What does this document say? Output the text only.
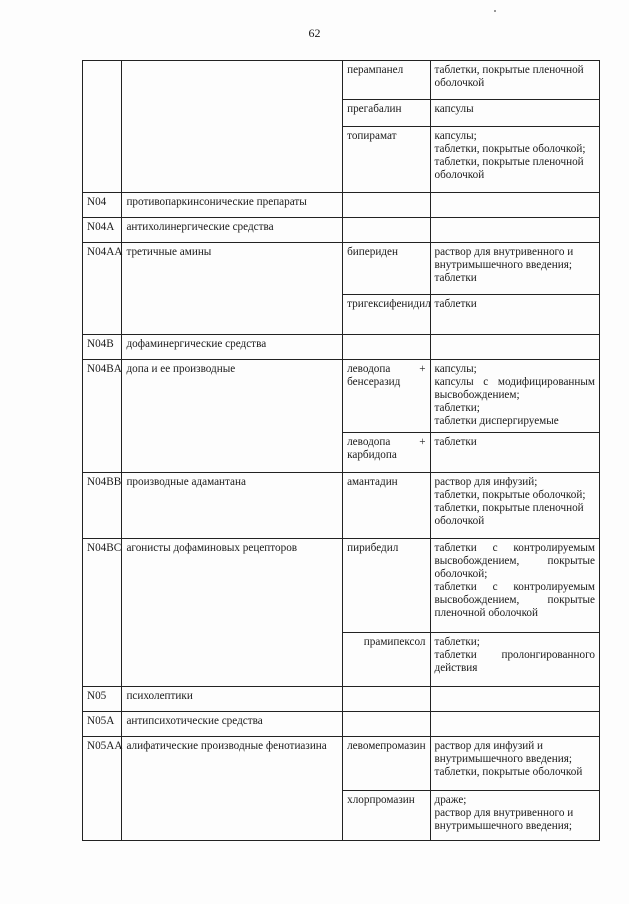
62
		перампанел	таблетки, покрытые пленочной оболочкой
		прегабалин	капсулы
		топирамат	капсулы;
таблетки, покрытые оболочкой;
таблетки, покрытые пленочной оболочкой

N04	противопаркинсонические препараты		
N04A	антихолинергические средства		
N04AA	третичные амины	бипериден	раствор для внутривенного и внутримышечного введения;
таблетки

		тригексифенидил	таблетки
N04B	дофаминергические средства		
N04BA	допа и ее производные	леводопа +
бенсеразид	капсулы;
капсулы с модифицированным высвобождением;
таблетки;
таблетки диспергируемые

		леводопа +
карбидопа	таблетки
N04BB	производные адамантана	амантадин	раствор для инфузий;
таблетки, покрытые оболочкой;
таблетки, покрытые пленочной оболочкой

N04BC	агонисты дофаминовых рецепторов	пирибедил	таблетки с контролируемым высвобождением, покрытые оболочкой;
таблетки с контролируемым высвобождением, покрытые пленочной оболочкой

		прамипексол	таблетки;
таблетки пролонгированного действия

N05	психолептики		
N05A	антипсихотические средства		
N05AA	алифатические производные фенотиазина	левомепромазин	раствор для инфузий и внутримышечного введения;
таблетки, покрытые оболочкой

		хлорпромазин	драже;
раствор для внутривенного и внутримышечного введения;
